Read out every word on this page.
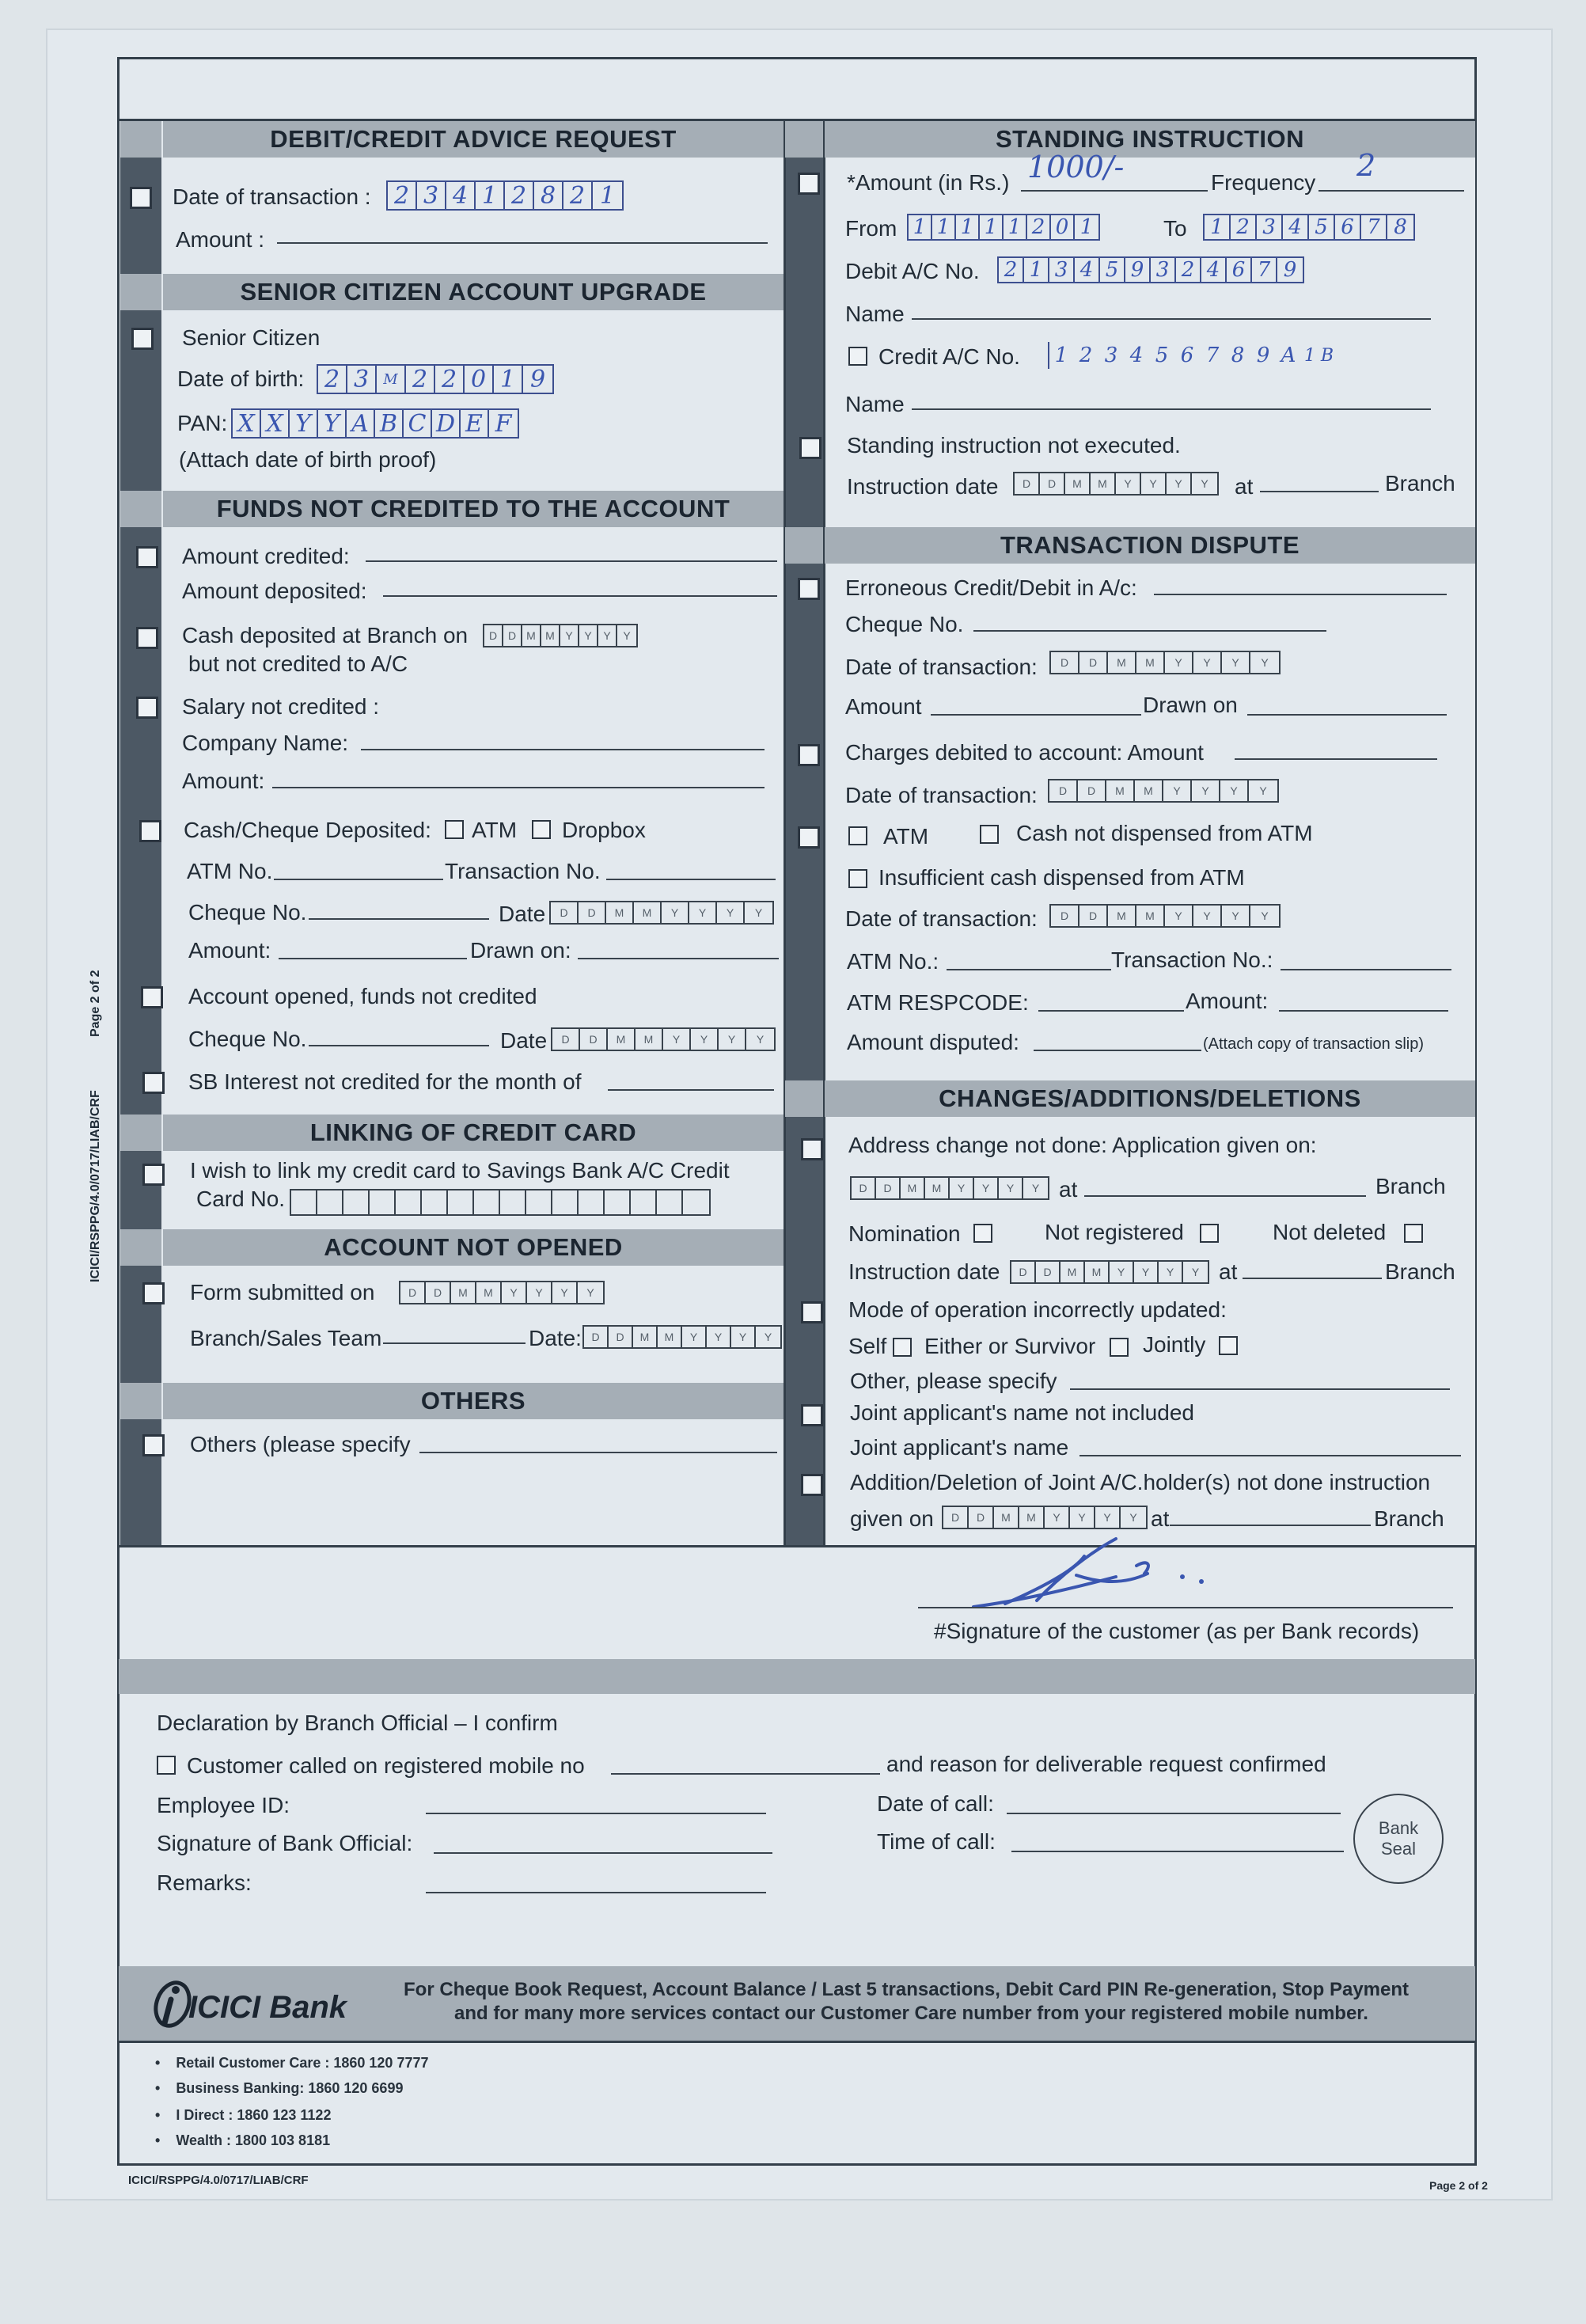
ICICI/RSPPG/4.0/0717/LIAB/CRF
Page 2 of 2
DEBIT/CREDIT ADVICE REQUEST
SENIOR CITIZEN ACCOUNT UPGRADE
FUNDS NOT CREDITED TO THE ACCOUNT
LINKING OF CREDIT CARD
ACCOUNT NOT OPENED
OTHERS
STANDING INSTRUCTION
TRANSACTION DISPUTE
CHANGES/ADDITIONS/DELETIONS
Date of transaction : 2 3 4 1 2 8 2 1
Amount :
Senior Citizen
Date of birth: 2 3	M 2 2 0 1 9
PAN: X X Y Y A B C D E F
(Attach date of birth proof)
Amount credited:
Amount deposited:
Cash deposited at Branch on	D D M M Y	Y	Y	Y
but not credited to A/C
Salary not credited :
Company Name:
Amount:
Cash/Cheque Deposited: ATM Dropbox
ATM No.	Transaction No.
Cheque No.	Date	D	D	M	M	Y	Y	Y	Y
Amount:	Drawn on:
Account opened, funds not credited
Cheque No.	Date	D	D	M	M	Y	Y	Y	Y
SB Interest not credited for the month of
I wish to link my credit card to Savings Bank A/C Credit
Card No.
Form submitted on	D	D	M	M	Y	Y	Y	Y
Branch/Sales Team	Date: D	D	M	M	Y	Y	Y	Y
Others (please specify
*Amount (in Rs.) 1000/-	Frequency 2
From 1 1 1 1 1 2 0 1	To 1 2 3 4 5 6 7 8
Debit A/C No. 2 1 3 4 5 9 3 2 4 6 7 9
Name
Credit A/C No.	1 2 3 4 5 6 7 8 9 A 1 B
Name
Standing instruction not executed.
Instruction date	D	D	M	M	Y	Y	Y	Y	at	Branch
Erroneous Credit/Debit in A/c:
Cheque No.
Date of transaction:	D	D	M	M	Y	Y	Y	Y
Amount	Drawn on
Charges debited to account: Amount
Date of transaction:	D	D	M	M	Y	Y	Y	Y
ATM	Cash not dispensed from ATM
Insufficient cash dispensed from ATM
Date of transaction:	D	D	M	M	Y	Y	Y	Y
ATM No.:	Transaction No.:
ATM RESPCODE:	Amount:
Amount disputed:	(Attach copy of transaction slip)
Address change not done: Application given on:
D	D	M	M	Y	Y	Y	Y at	Branch
Nomination	Not registered	Not deleted
Instruction date	D	D	M	M	Y	Y	Y	Y at	Branch
Mode of operation incorrectly updated:
Self Either or Survivor Jointly
Other, please specify
Joint applicant's name not included
Joint applicant's name
Addition/Deletion of Joint A/C.holder(s) not done instruction
given on	D	D	M	M	Y	Y	Y	Y at	Branch
#Signature of the customer (as per Bank records)
Declaration by Branch Official – I confirm
Customer called on registered mobile no	and reason for deliverable request confirmed
Employee ID:	Date of call:
Signature of Bank Official:	Time of call:
Remarks:
Bank
Seal
ICICI Bank
For Cheque Book Request, Account Balance / Last 5 transactions, Debit Card PIN Re-generation, Stop Payment
and for many more services contact our Customer Care number from your registered mobile number.
•    Retail Customer Care : 1860 120 7777
•    Business Banking: 1860 120 6699
•    I Direct : 1860 123 1122
•    Wealth : 1800 103 8181
ICICI/RSPPG/4.0/0717/LIAB/CRF	Page 2 of 2
